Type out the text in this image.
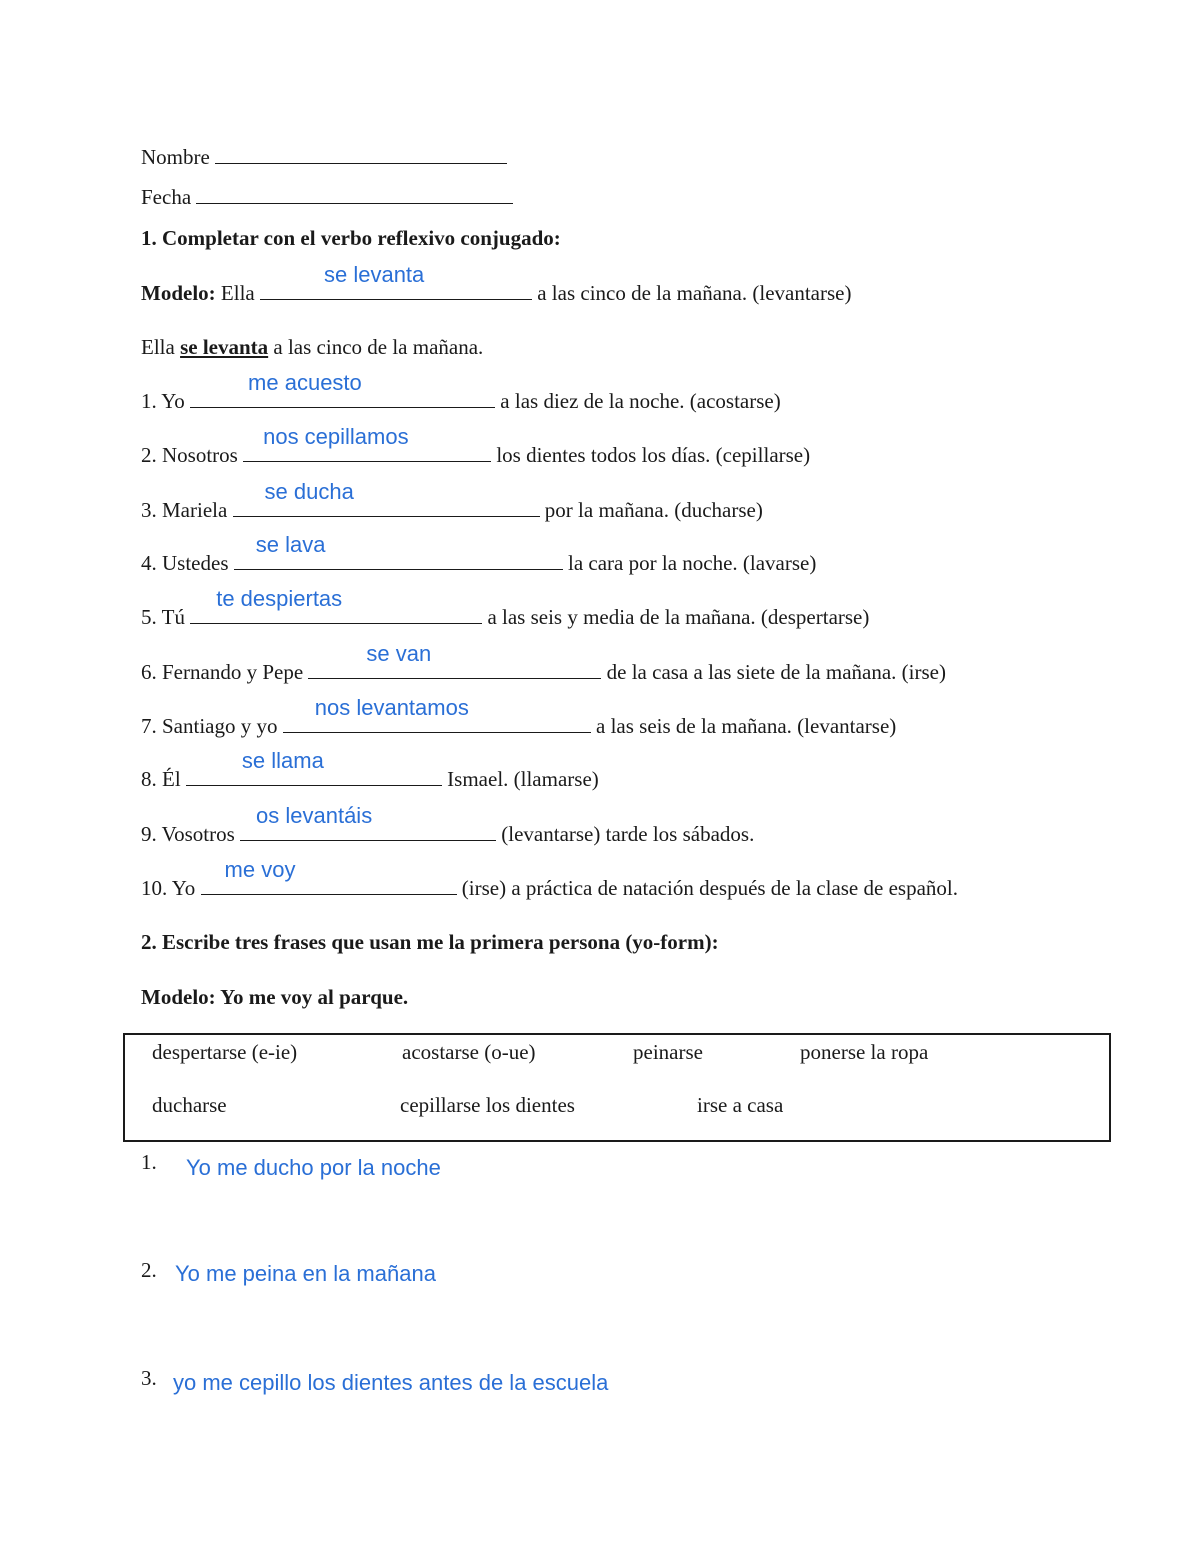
Nombre
Fecha
1. Completar con el verbo reflexivo conjugado:
Modelo: Ella
se levanta
a las cinco de la mañana. (levantarse)
Ella se levanta a las cinco de la mañana.
1. Yo
me acuesto
a las diez de la noche. (acostarse)
2. Nosotros
nos cepillamos
los dientes todos los días. (cepillarse)
3. Mariela
se ducha
por la mañana. (ducharse)
4. Ustedes
se lava
la cara por la noche. (lavarse)
5. Tú
te despiertas
a las seis y media de la mañana. (despertarse)
6. Fernando y Pepe
se van
de la casa a las siete de la mañana. (irse)
7. Santiago y yo
nos levantamos
a las seis de la mañana. (levantarse)
8. Él
se llama
Ismael. (llamarse)
9. Vosotros
os levantáis
(levantarse) tarde los sábados.
10. Yo
me voy
(irse) a práctica de natación después de la clase de español.
2. Escribe tres frases que usan me la primera persona (yo-form):
Modelo: Yo me voy al parque.
despertarse (e-ie)	acostarse (o-ue)	peinarse	ponerse la ropa
ducharse	cepillarse los dientes	irse a casa
1. Yo me ducho por la noche
2. Yo me peina en la mañana
3. yo me cepillo los dientes antes de la escuela
